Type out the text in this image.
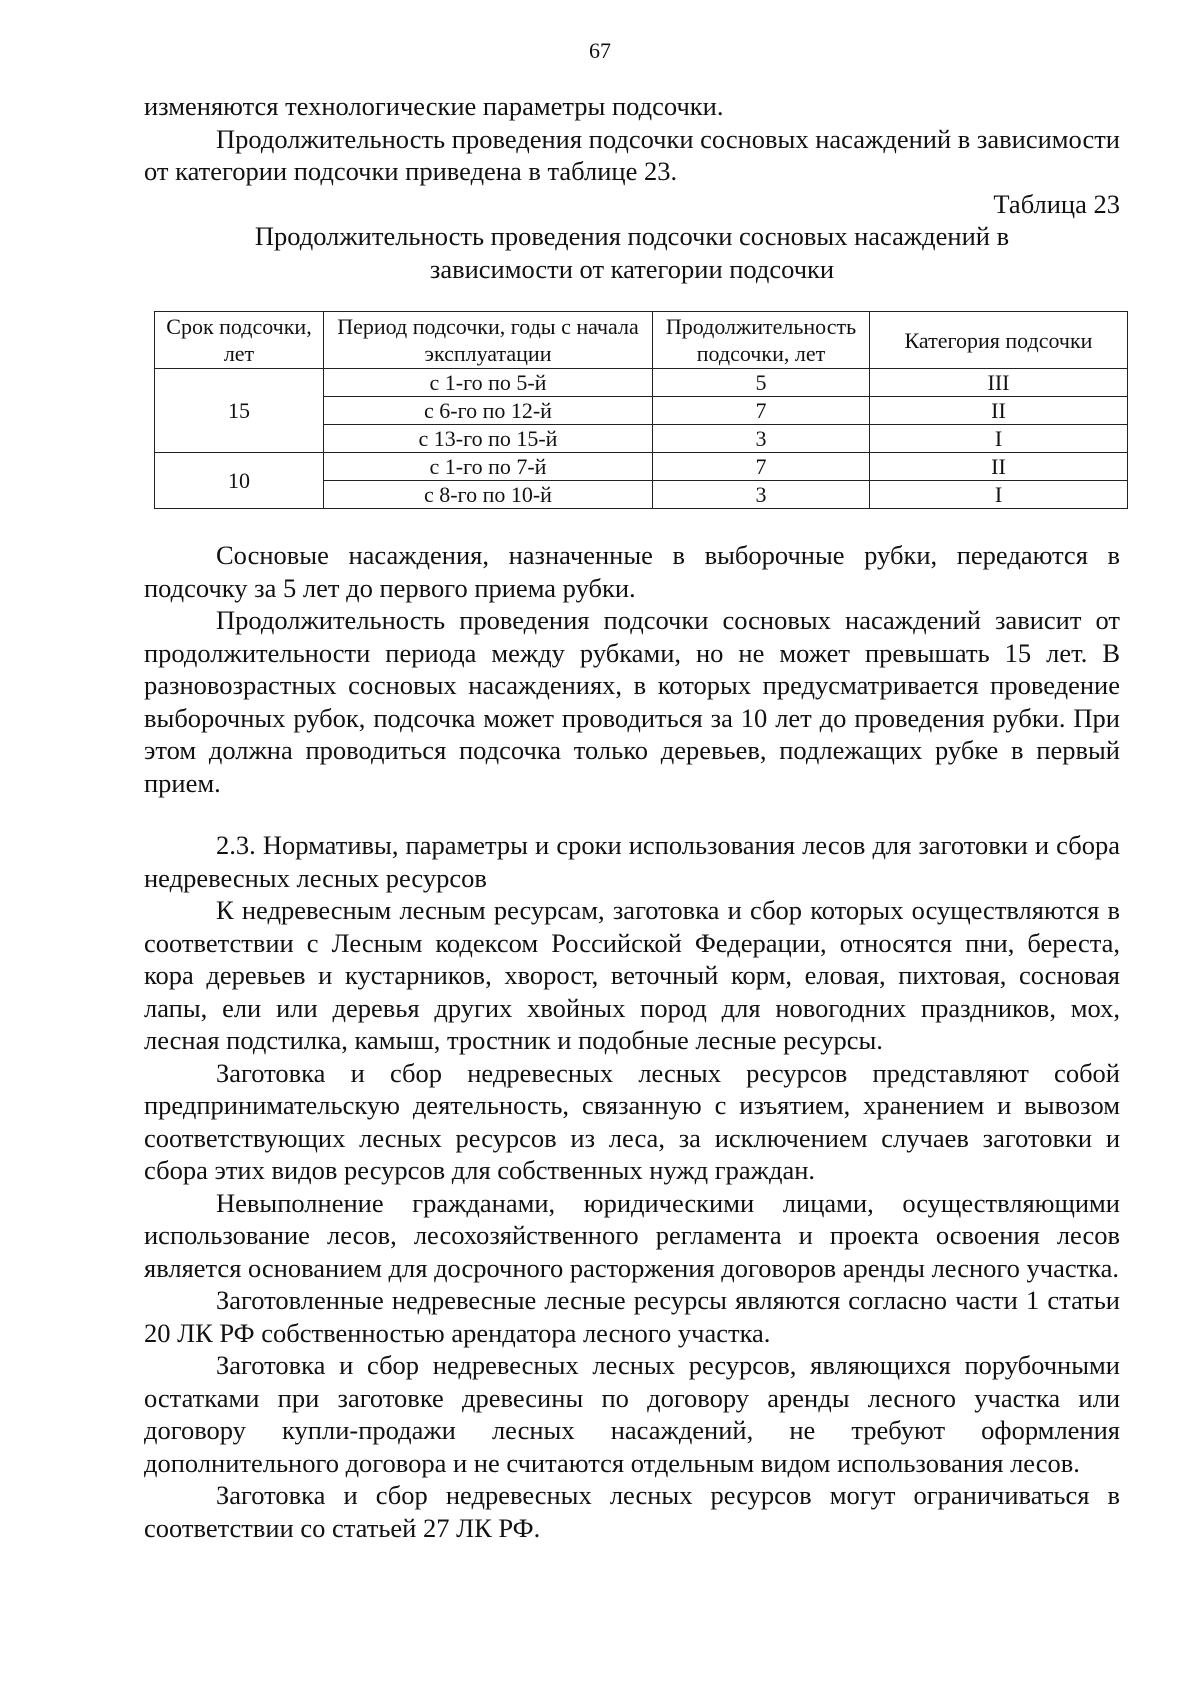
67

изменяются технологические параметры подсочки.

Продолжительность проведения подсочки сосновых насаждений в зависимости от категории подсочки приведена в таблице 23.

Таблица 23

Продолжительность проведения подсочки сосновых насаждений в зависимости от категории подсочки

Срок подсочки, лет	Период подсочки, годы с начала эксплуатации	Продолжительность подсочки, лет	Категория подсочки
15	с 1-го по 5-й	5	III
	с 6-го по 12-й	7	II
	с 13-го по 15-й	3	I
10	с 1-го по 7-й	7	II
	с 8-го по 10-й	3	I

Сосновые насаждения, назначенные в выборочные рубки, передаются в подсочку за 5 лет до первого приема рубки.

Продолжительность проведения подсочки сосновых насаждений зависит от продолжительности периода между рубками, но не может превышать 15 лет. В разновозрастных сосновых насаждениях, в которых предусматривается проведение выборочных рубок, подсочка может проводиться за 10 лет до проведения рубки. При этом должна проводиться подсочка только деревьев, подлежащих рубке в первый прием.

2.3. Нормативы, параметры и сроки использования лесов для заготовки и сбора недревесных лесных ресурсов

К недревесным лесным ресурсам, заготовка и сбор которых осуществляются в соответствии с Лесным кодексом Российской Федерации, относятся пни, береста, кора деревьев и кустарников, хворост, веточный корм, еловая, пихтовая, сосновая лапы, ели или деревья других хвойных пород для новогодних праздников, мох, лесная подстилка, камыш, тростник и подобные лесные ресурсы.

Заготовка и сбор недревесных лесных ресурсов представляют собой предпринимательскую деятельность, связанную с изъятием, хранением и вывозом соответствующих лесных ресурсов из леса, за исключением случаев заготовки и сбора этих видов ресурсов для собственных нужд граждан.

Невыполнение гражданами, юридическими лицами, осуществляющими использование лесов, лесохозяйственного регламента и проекта освоения лесов является основанием для досрочного расторжения договоров аренды лесного участка.

Заготовленные недревесные лесные ресурсы являются согласно части 1 статьи 20 ЛК РФ собственностью арендатора лесного участка.

Заготовка и сбор недревесных лесных ресурсов, являющихся порубочными остатками при заготовке древесины по договору аренды лесного участка или договору купли-продажи лесных насаждений, не требуют оформления дополнительного договора и не считаются отдельным видом использования лесов.

Заготовка и сбор недревесных лесных ресурсов могут ограничиваться в соответствии со статьей 27 ЛК РФ.
